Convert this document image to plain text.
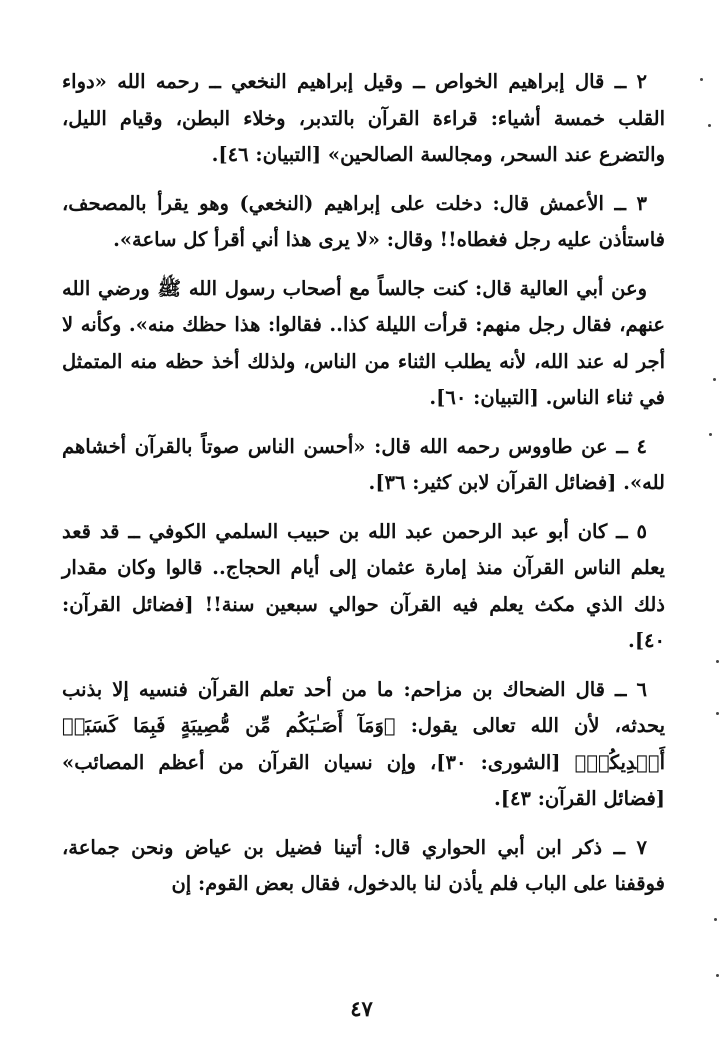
٢ ــ قال إبراهيم الخواص ــ وقيل إبراهيم النخعي ــ رحمه الله «دواء القلب خمسة أشياء: قراءة القرآن بالتدبر، وخلاء البطن، وقيام الليل، والتضرع عند السحر، ومجالسة الصالحين» [التبيان: ٤٦].

٣ ــ الأعمش قال: دخلت على إبراهيم (النخعي) وهو يقرأ بالمصحف، فاستأذن عليه رجل فغطاه!! وقال: «لا يرى هذا أني أقرأ كل ساعة».

وعن أبي العالية قال: كنت جالساً مع أصحاب رسول الله ﷺ ورضي الله عنهم، فقال رجل منهم: قرأت الليلة كذا.. فقالوا: هذا حظك منه». وكأنه لا أجر له عند الله، لأنه يطلب الثناء من الناس، ولذلك أخذ حظه منه المتمثل في ثناء الناس. [التبيان: ٦٠].

٤ ــ عن طاووس رحمه الله قال: «أحسن الناس صوتاً بالقرآن أخشاهم لله». [فضائل القرآن لابن كثير: ٣٦].

٥ ــ كان أبو عبد الرحمن عبد الله بن حبيب السلمي الكوفي ــ قد قعد يعلم الناس القرآن منذ إمارة عثمان إلى أيام الحجاج.. قالوا وكان مقدار ذلك الذي مكث يعلم فيه القرآن حوالي سبعين سنة!! [فضائل القرآن: ٤٠].

٦ ــ قال الضحاك بن مزاحم: ما من أحد تعلم القرآن فنسيه إلا بذنب يحدثه، لأن الله تعالى يقول: ﴿وَمَآ أَصَـٰبَكُم مِّن مُّصِيبَةٍ فَبِمَا كَسَبَتۡ أَيۡدِيكُمۡ﴾ [الشورى: ٣٠]، وإن نسيان القرآن من أعظم المصائب» [فضائل القرآن: ٤٣].

٧ ــ ذكر ابن أبي الحواري قال: أتينا فضيل بن عياض ونحن جماعة، فوقفنا على الباب فلم يأذن لنا بالدخول، فقال بعض القوم: إن

٤٧
